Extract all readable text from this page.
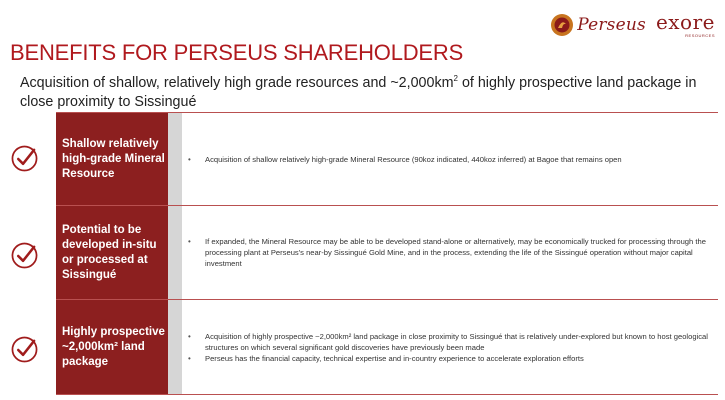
Perseus exore
RESOURCES
BENEFITS FOR PERSEUS SHAREHOLDERS

Acquisition of shallow, relatively high grade resources and $\sim 2,000km^2$ of highly prospective land package in close proximity to Sissingué

Shallow relatively high-grade Mineral Resource
• Acquisition of shallow relatively high-grade Mineral Resource (90koz indicated, 440koz inferred) at Bagoe that remains open
Potential to be developed in-situ or processed at Sissingué
• If expanded, the Mineral Resource may be able to be developed stand-alone or alternatively, may be economically trucked for processing through the processing plant at Perseus's near-by Sissingué Gold Mine, and in the process, extending the life of the Sissingué operation without major capital investment
Highly prospective ~2,000km² land package
• Acquisition of highly prospective ~2,000km² land package in close proximity to Sissingué that is relatively under-explored but known to host geological structures on which several significant gold discoveries have previously been made
• Perseus has the financial capacity, technical expertise and in-country experience to accelerate exploration efforts
